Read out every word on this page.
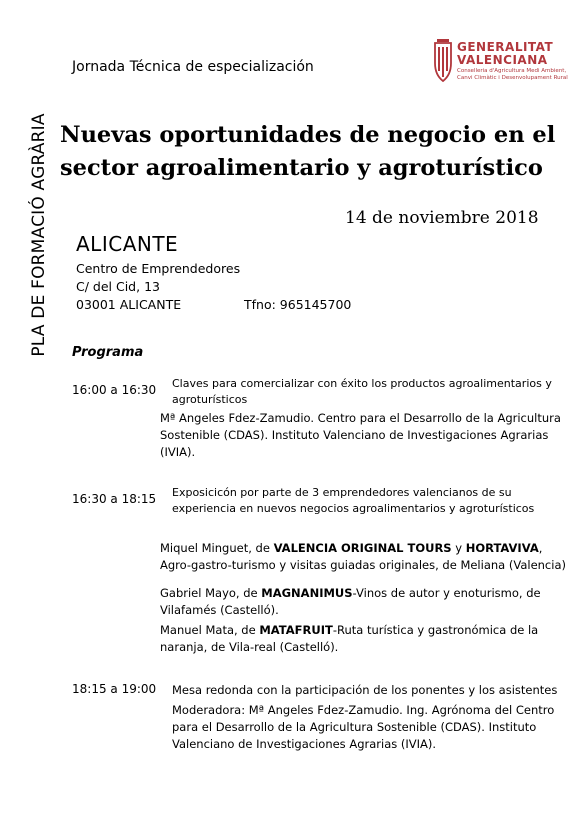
PLA DE FORMACIÓ AGRÀRIA
Jornada Técnica de especialización
GENERALITAT
VALENCIANA
Conselleria d'Agricultura Medi Ambient, Canvi Climàtic i Desenvolupament Rural
Nuevas oportunidades de negocio en el
sector agroalimentario y agroturístico
14 de noviembre 2018
ALICANTE
Centro de Emprendedores
C/ del Cid, 13
03001 ALICANTE	Tfno: 965145700
Programa
16:00 a 16:30 Claves para comercializar con éxito los productos agroalimentarios y
agroturísticos
Mª Angeles Fdez-Zamudio. Centro para el Desarrollo de la Agricultura
Sostenible (CDAS). Instituto Valenciano de Investigaciones Agrarias
(IVIA).
16:30 a 18:15 Exposicicón por parte de 3 emprendedores valencianos de su
experiencia en nuevos negocios agroalimentarios y agroturísticos
Miquel Minguet, de VALENCIA ORIGINAL TOURS y HORTAVIVA,
Agro-gastro-turismo y visitas guiadas originales, de Meliana (Valencia)
Gabriel Mayo, de MAGNANIMUS-Vinos de autor y enoturismo, de
Vilafamés (Castelló).
Manuel Mata, de MATAFRUIT-Ruta turística y gastronómica de la
naranja, de Vila-real (Castelló).
18:15 a 19:00 Mesa redonda con la participación de los ponentes y los asistentes
Moderadora: Mª Angeles Fdez-Zamudio. Ing. Agrónoma del Centro
para el Desarrollo de la Agricultura Sostenible (CDAS). Instituto
Valenciano de Investigaciones Agrarias (IVIA).
